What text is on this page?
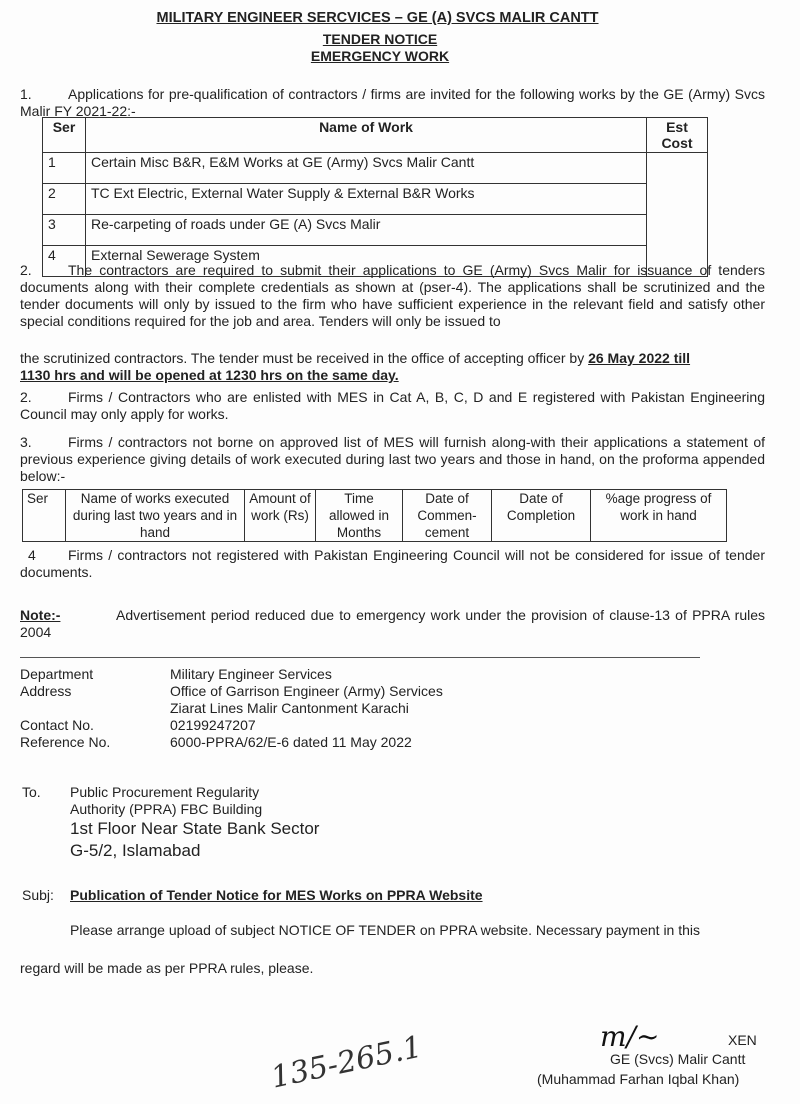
MILITARY ENGINEER SERCVICES – GE (A) SVCS MALIR CANTT
TENDER NOTICE
EMERGENCY WORK
1.	Applications for pre-qualification of contractors / firms are invited for the following works by the GE (Army) Svcs Malir FY 2021-22:-
Ser	Name of Work	Est Cost
1	Certain Misc B&R, E&M Works at GE (Army) Svcs Malir Cantt	
2	TC Ext Electric, External Water Supply & External B&R Works	
3	Re-carpeting of roads under GE (A) Svcs Malir	
4	External Sewerage System	
2.	The contractors are required to submit their applications to GE (Army) Svcs Malir for issuance of tenders documents along with their complete credentials as shown at (pser-4). The applications shall be scrutinized and the tender documents will only by issued to the firm who have sufficient experience in the relevant field and satisfy other special conditions required for the job and area. Tenders will only be issued to
the scrutinized contractors. The tender must be received in the office of accepting officer by 26 May 2022 till
1130 hrs and will be opened at 1230 hrs on the same day.
2.	Firms / Contractors who are enlisted with MES in Cat A, B, C, D and E registered with Pakistan Engineering Council may only apply for works.
3.	Firms / contractors not borne on approved list of MES will furnish along-with their applications a statement of previous experience giving details of work executed during last two years and those in hand, on the proforma appended below:-
Ser	Name of works executed during last two years and in hand	Amount of work (Rs)	Time allowed in Months	Date of Commen-cement	Date of Completion	%age progress of work in hand
4 Firms / contractors not registered with Pakistan Engineering Council will not be considered for issue of tender documents.
Note:-	Advertisement period reduced due to emergency work under the provision of clause-13 of PPRA rules 2004
Department	Military Engineer Services
Address	Office of Garrison Engineer (Army) Services
Ziarat Lines Malir Cantonment Karachi
Contact No.	02199247207
Reference No.	6000-PPRA/62/E-6 dated 11 May 2022
To. Public Procurement Regularity
Authority (PPRA) FBC Building
1st Floor Near State Bank Sector
G-5/2, Islamabad
Subj: Publication of Tender Notice for MES Works on PPRA Website
Please arrange upload of subject NOTICE OF TENDER on PPRA website. Necessary payment in this
regard will be made as per PPRA rules, please.
m/~	XEN
GE (Svcs) Malir Cantt
(Muhammad Farhan Iqbal Khan)
135-265.1
